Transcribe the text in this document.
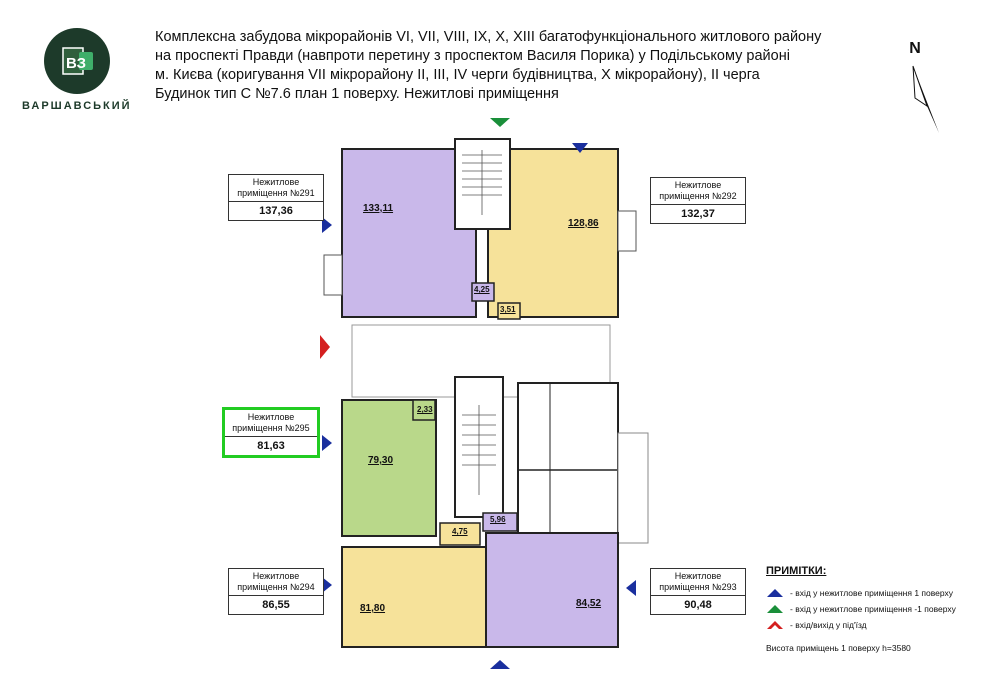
ВЗ
ВАРШАВСЬКИЙ
Комплексна забудова мікрорайонів VI, VII, VIII, IX, X, XIII багатофункціонального житлового району
на проспекті Правди (навпроти перетину з проспектом Василя Порика) у Подільському районі
м. Києва (коригування VII мікрорайону II, III, IV черги будівництва, X мікрорайону), II черга
Будинок тип С №7.6 план 1 поверху. Нежитлові приміщення
N
133,11
128,86
79,30
81,80	84,52
4,25
3,51
2,33
4,75
5,96
Нежитлове приміщення №291
137,36
Нежитлове приміщення №292
132,37
Нежитлове приміщення №295
81,63
Нежитлове приміщення №294
86,55
Нежитлове приміщення №293
90,48
ПРИМІТКИ:
- вхід у нежитлове приміщення 1 поверху
- вхід у нежитлове приміщення -1 поверху
- вхід/вихід у під'їзд
Висота приміщень 1 поверху h=3580
